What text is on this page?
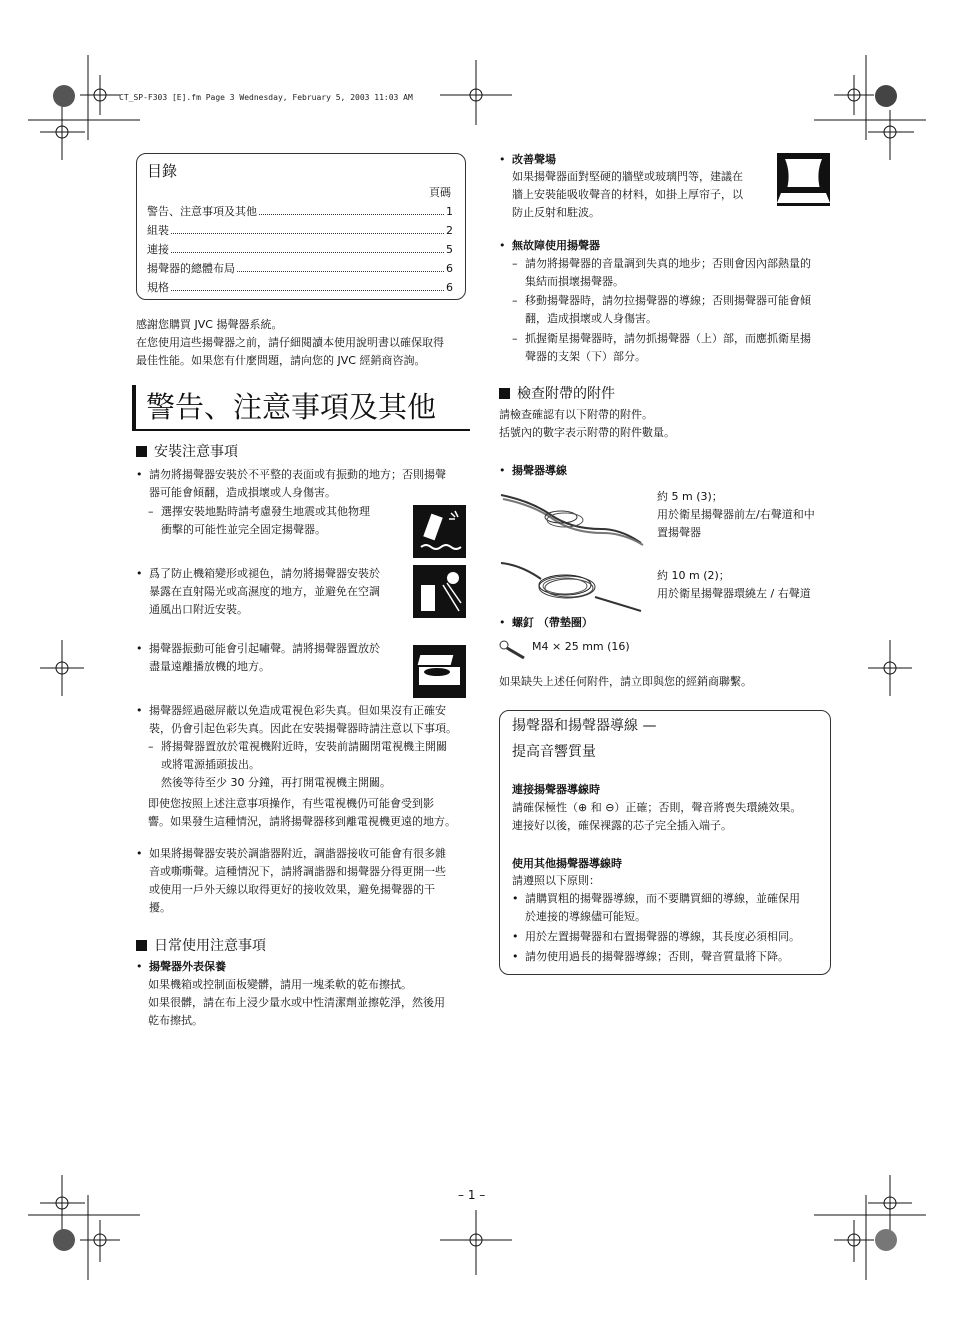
CT_SP-F303 [E].fm Page 3 Wednesday, February 5, 2003 11:03 AM
目錄
頁碼
警告、注意事項及其他	1
組裝	2
連接	5
揚聲器的總體布局	6
規格	6
感謝您購買 JVC 揚聲器系統。
在您使用這些揚聲器之前，請仔細閱讀本使用說明書以確保取得
最佳性能。如果您有什麼問題，請向您的 JVC 經銷商咨詢。
警告、注意事項及其他
安裝注意事項
• 請勿將揚聲器安裝於不平整的表面或有振動的地方；否則揚聲
器可能會傾翻，造成損壞或人身傷害。
– 選擇安裝地點時請考慮發生地震或其他物理
衝擊的可能性並完全固定揚聲器。
• 爲了防止機箱變形或褪色，請勿將揚聲器安裝於
暴露在直射陽光或高濕度的地方，並避免在空調
通風出口附近安裝。
• 揚聲器振動可能會引起嘯聲。請將揚聲器置放於
盡量遠離播放機的地方。
• 揚聲器經過磁屏蔽以免造成電視色彩失真。但如果沒有正確安
裝，仍會引起色彩失真。因此在安裝揚聲器時請注意以下事項。
– 將揚聲器置放於電視機附近時，安裝前請關閉電視機主開關
或將電源插頭拔出。
然後等待至少 30 分鐘，再打開電視機主開關。
即使您按照上述注意事項操作，有些電視機仍可能會受到影
響。如果發生這種情況，請將揚聲器移到離電視機更遠的地方。
• 如果將揚聲器安裝於調諧器附近，調諧器接收可能會有很多雜
音或嘶嘶聲。這種情況下，請將調諧器和揚聲器分得更開一些
或使用一戶外天線以取得更好的接收效果，避免揚聲器的干
擾。
日常使用注意事項
• 揚聲器外表保養
如果機箱或控制面板變髒，請用一塊柔軟的乾布擦拭。
如果很髒，請在布上浸少量水或中性清潔劑並擦乾淨，然後用
乾布擦拭。
• 改善聲場
如果揚聲器面對堅硬的牆壁或玻璃門等，建議在
牆上安裝能吸收聲音的材料，如掛上厚帘子，以
防止反射和駐波。
• 無故障使用揚聲器
– 請勿將揚聲器的音量調到失真的地步；否則會因內部熱量的
集結而損壞揚聲器。
– 移動揚聲器時，請勿拉揚聲器的導線；否則揚聲器可能會傾
翻，造成損壞或人身傷害。
– 抓握衛星揚聲器時，請勿抓揚聲器（上）部，而應抓衛星揚
聲器的支架（下）部分。
檢查附帶的附件
請檢查確認有以下附帶的附件。
括號內的數字表示附帶的附件數量。
• 揚聲器導線
約 5 m (3)；
用於衛星揚聲器前左/右聲道和中
置揚聲器
約 10 m (2)；
用於衛星揚聲器環繞左 / 右聲道
• 螺釘 （帶墊圈）
M4 × 25 mm (16)
如果缺失上述任何附件，請立即與您的經銷商聯繫。
揚聲器和揚聲器導線 —
提高音響質量
連接揚聲器導線時
請確保極性（⊕ 和 ⊖）正確；否則，聲音將喪失環繞效果。
連接好以後，確保裸露的芯子完全插入端子。
使用其他揚聲器導線時
請遵照以下原則：
• 請購買粗的揚聲器導線，而不要購買細的導線，並確保用
於連接的導線儘可能短。
• 用於左置揚聲器和右置揚聲器的導線，其長度必須相同。
• 請勿使用過長的揚聲器導線；否則，聲音質量將下降。
– 1 –
